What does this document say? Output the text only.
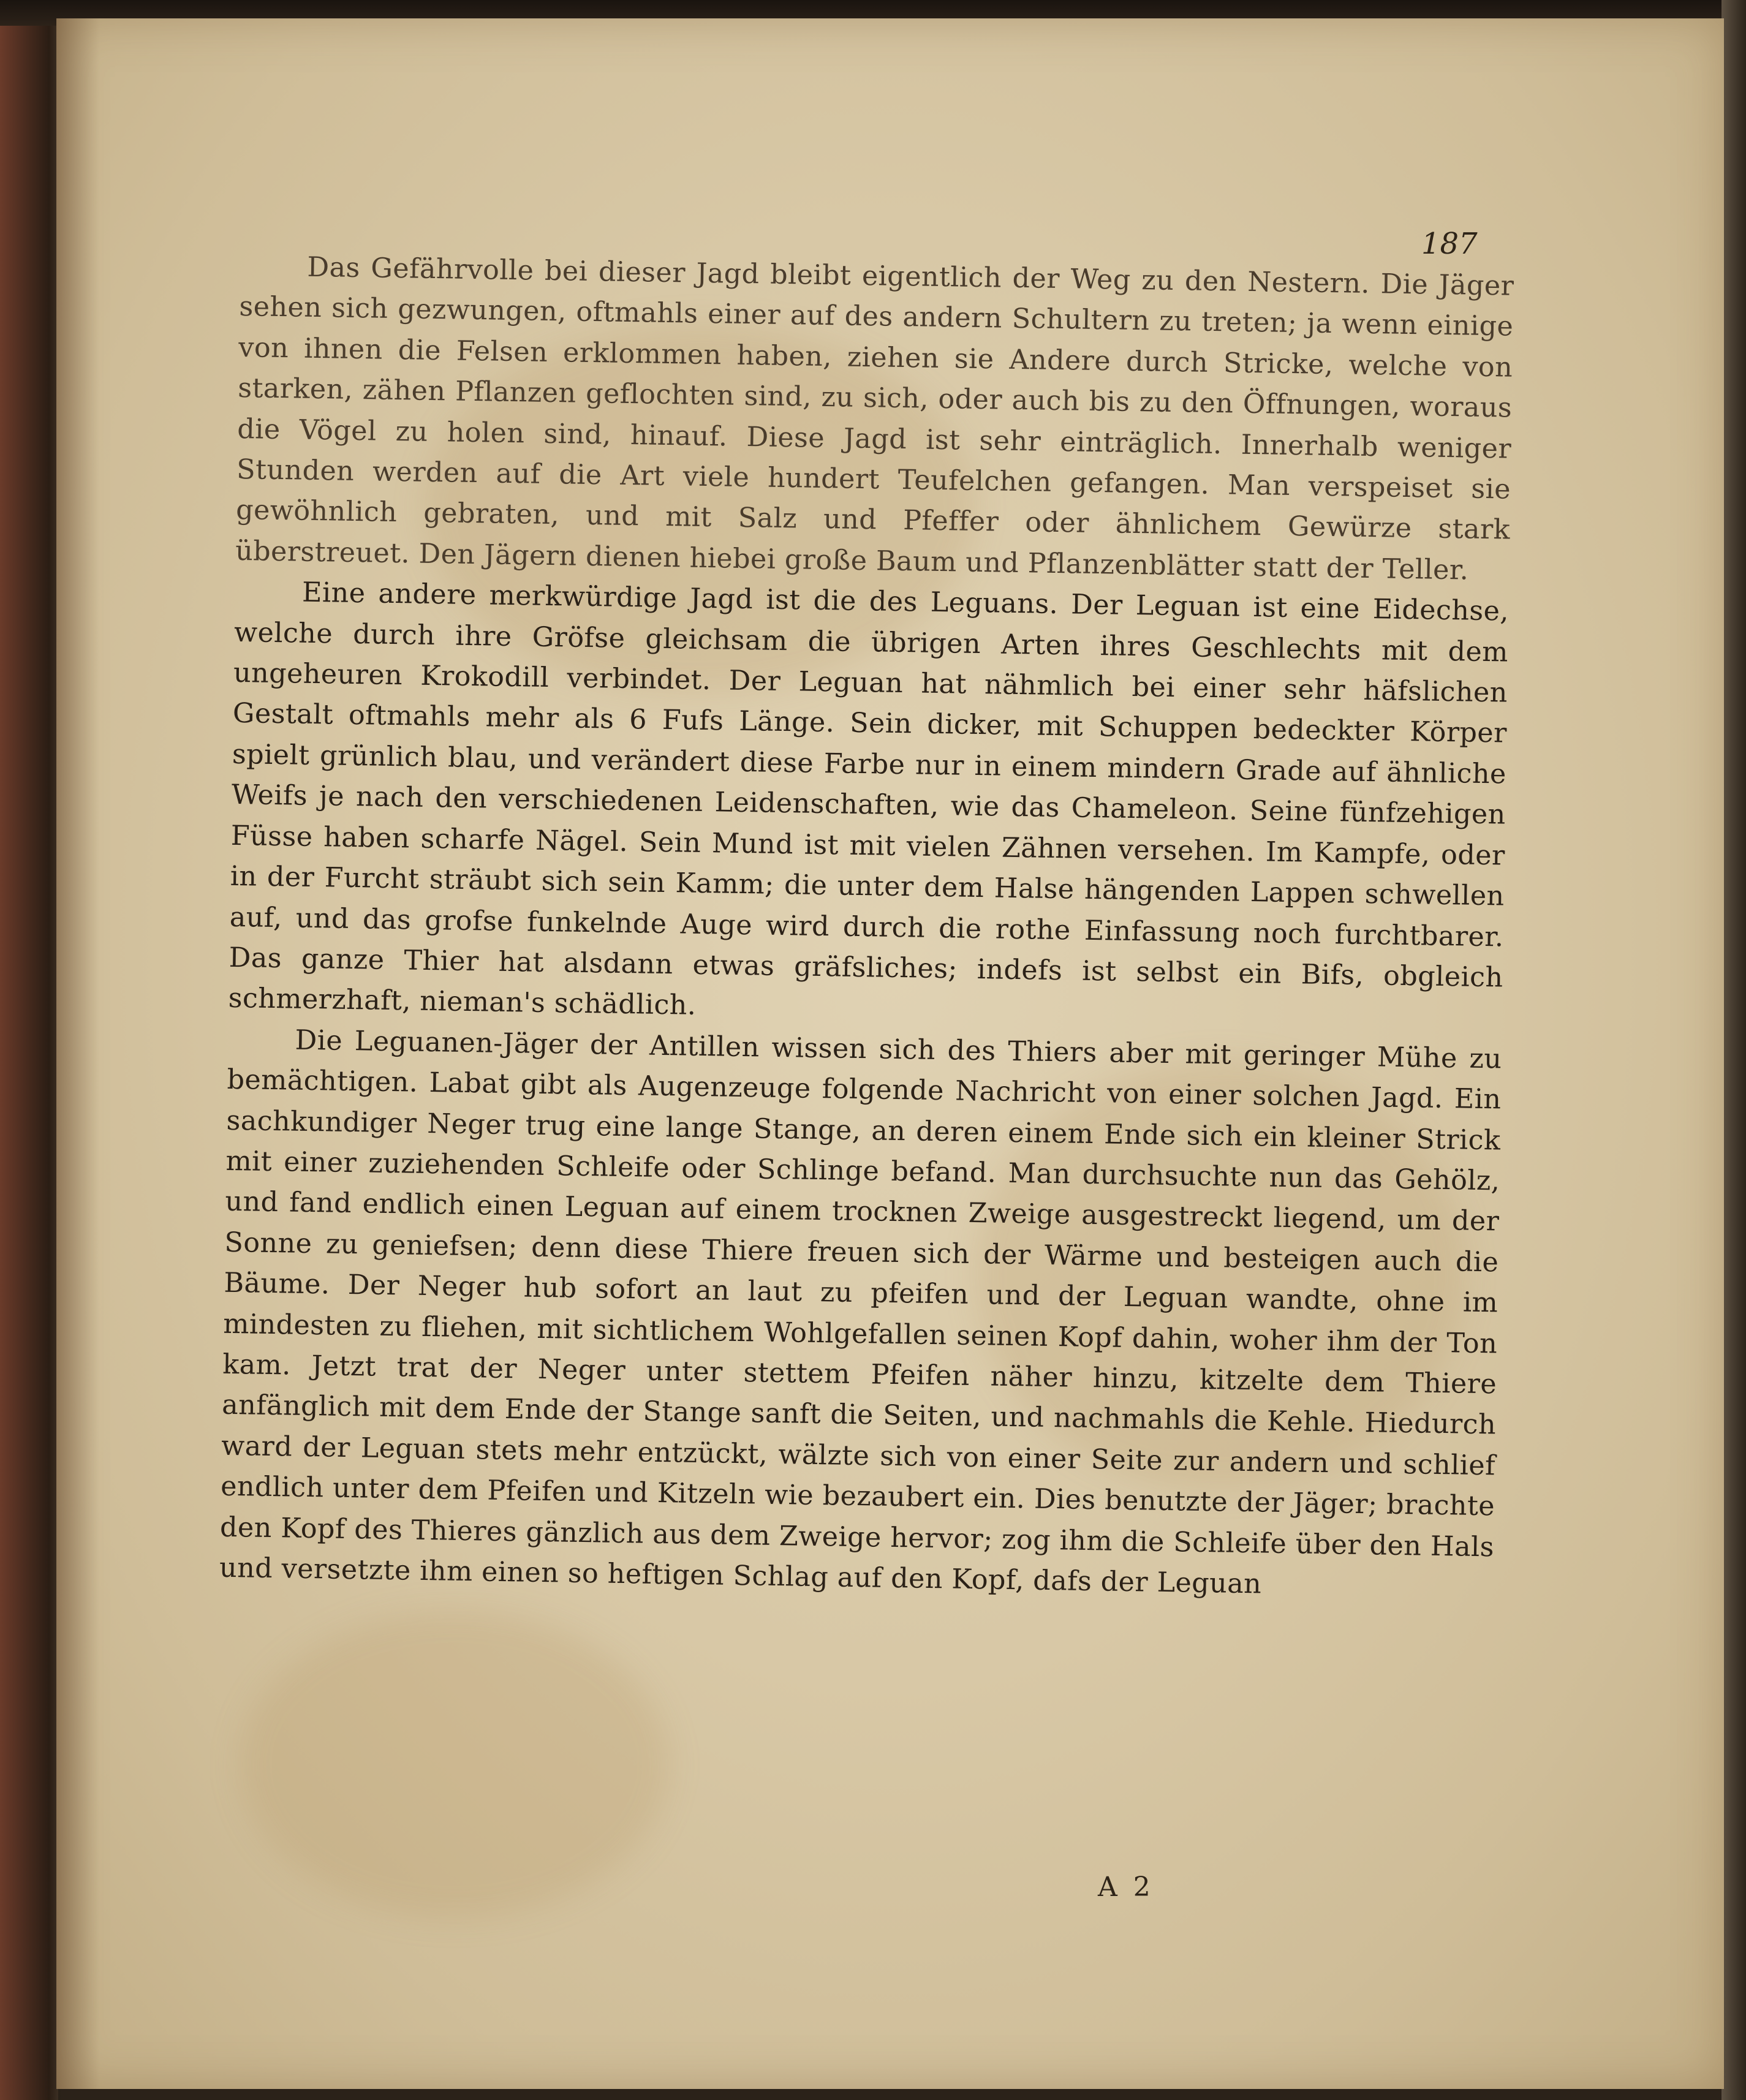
187

Das Gefährvolle bei dieser Jagd bleibt eigentlich der Weg zu den Nestern. Die Jäger sehen sich gezwungen, oftmahls einer auf des andern Schultern zu treten; ja wenn einige von ihnen die Felsen erklommen haben, ziehen sie Andere durch Stricke, welche von starken, zähen Pflanzen geflochten sind, zu sich, oder auch bis zu den Öffnungen, woraus die Vögel zu holen sind, hinauf. Diese Jagd ist sehr einträglich. Innerhalb weniger Stunden werden auf die Art viele hundert Teufelchen gefangen. Man verspeiset sie gewöhnlich gebraten, und mit Salz und Pfeffer oder ähnlichem Gewürze stark überstreuet. Den Jägern dienen hiebei große Baum und Pflanzenblätter statt der Teller.

Eine andere merkwürdige Jagd ist die des Leguans. Der Leguan ist eine Eidechse, welche durch ihre Gröfse gleichsam die übrigen Arten ihres Geschlechts mit dem ungeheuren Krokodill verbindet. Der Leguan hat nähmlich bei einer sehr häfslichen Gestalt oftmahls mehr als 6 Fufs Länge. Sein dicker, mit Schuppen bedeckter Körper spielt grünlich blau, und verändert diese Farbe nur in einem mindern Grade auf ähnliche Weifs je nach den verschiedenen Leidenschaften, wie das Chameleon. Seine fünfzehigen Füsse haben scharfe Nägel. Sein Mund ist mit vielen Zähnen versehen. Im Kampfe, oder in der Furcht sträubt sich sein Kamm; die unter dem Halse hängenden Lappen schwellen auf, und das grofse funkelnde Auge wird durch die rothe Einfassung noch furchtbarer. Das ganze Thier hat alsdann etwas gräfsliches; indefs ist selbst ein Bifs, obgleich schmerzhaft, nieman's schädlich.

Die Leguanen-Jäger der Antillen wissen sich des Thiers aber mit geringer Mühe zu bemächtigen. Labat gibt als Augenzeuge folgende Nachricht von einer solchen Jagd. Ein sachkundiger Neger trug eine lange Stange, an deren einem Ende sich ein kleiner Strick mit einer zuziehenden Schleife oder Schlinge befand. Man durchsuchte nun das Gehölz, und fand endlich einen Leguan auf einem trocknen Zweige ausgestreckt liegend, um der Sonne zu geniefsen; denn diese Thiere freuen sich der Wärme und besteigen auch die Bäume. Der Neger hub sofort an laut zu pfeifen und der Leguan wandte, ohne im mindesten zu fliehen, mit sichtlichem Wohlgefallen seinen Kopf dahin, woher ihm der Ton kam. Jetzt trat der Neger unter stettem Pfeifen näher hinzu, kitzelte dem Thiere anfänglich mit dem Ende der Stange sanft die Seiten, und nachmahls die Kehle. Hiedurch ward der Leguan stets mehr entzückt, wälzte sich von einer Seite zur andern und schlief endlich unter dem Pfeifen und Kitzeln wie bezaubert ein. Dies benutzte der Jäger; brachte den Kopf des Thieres gänzlich aus dem Zweige hervor; zog ihm die Schleife über den Hals und versetzte ihm einen so heftigen Schlag auf den Kopf, dafs der Leguan

A 2
